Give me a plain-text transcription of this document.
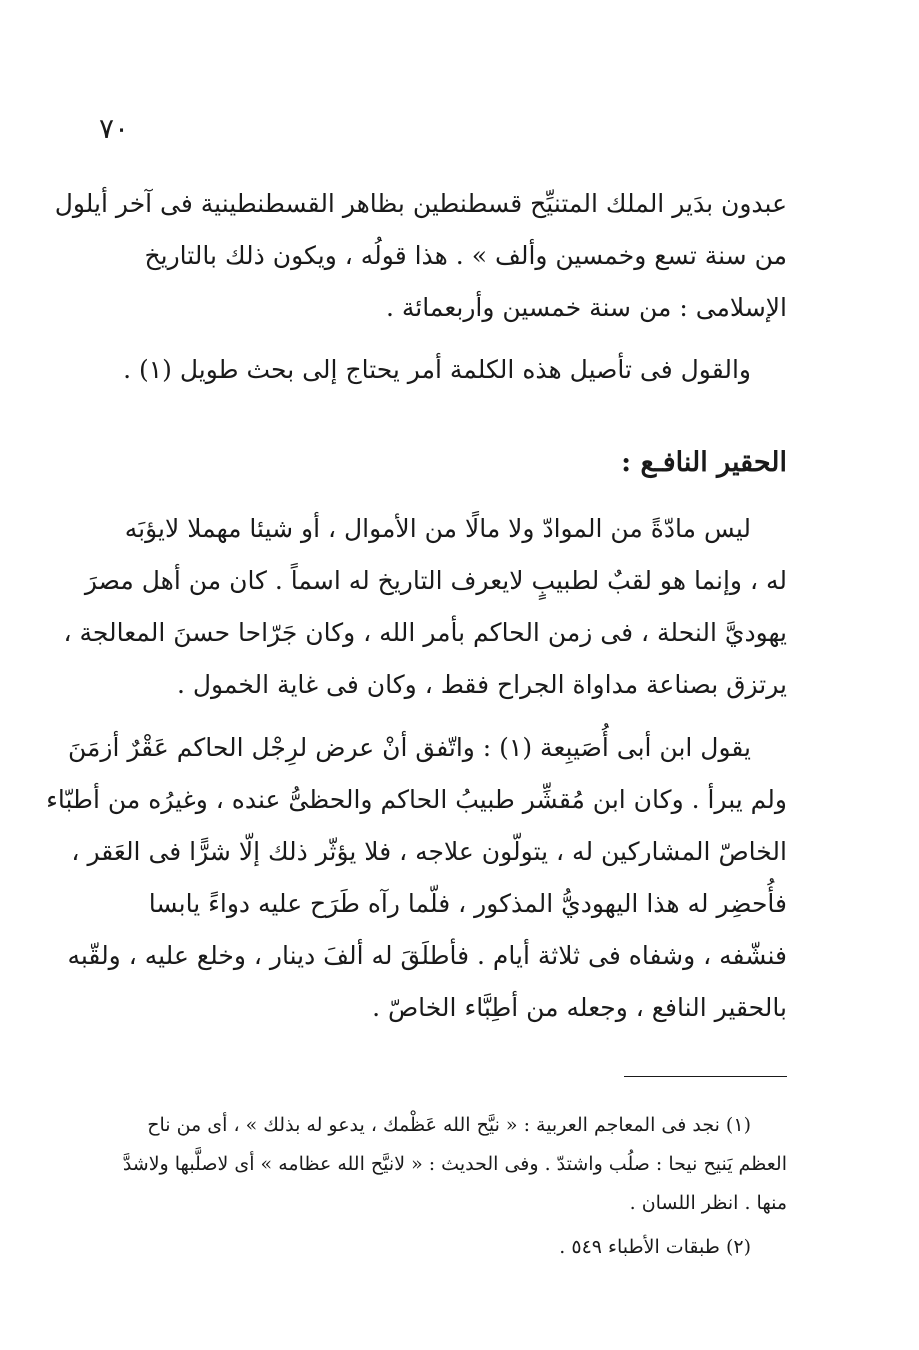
٧٠
عبدون بدَير الملك المتنيِّح قسطنطين بظاهر القسطنطينية فى آخر أيلول
من سنة تسع وخمسين وألف » . هذا قولُه ، ويكون ذلك بالتاريخ
الإسلامى : من سنة خمسين وأربعمائة .
والقول فى تأصيل هذه الكلمة أمر يحتاج إلى بحث طويل (١) .
الحقير النافـع :
ليس مادّةً من الموادّ ولا مالًا من الأموال ، أو شيئا مهملا لايؤبَه
له ، وإنما هو لقبٌ لطبيبٍ لايعرف التاريخ له اسماً . كان من أهل مصرَ
يهوديَّ النحلة ، فى زمن الحاكم بأمر الله ، وكان جَرّاحا حسنَ المعالجة ،
يرتزق بصناعة مداواة الجراح فقط ، وكان فى غاية الخمول .
يقول ابن أبى أُصَيبِعة (١) : واتّفق أنْ عرض لرِجْل الحاكم عَقْرٌ أزمَنَ
ولم يبرأ . وكان ابن مُقشِّر طبيبُ الحاكم والحظىُّ عنده ، وغيرُه من أطبّاء
الخاصّ المشاركين له ، يتولّون علاجه ، فلا يؤثّر ذلك إلّا شرًّا فى العَقر ،
فأُحضِر له هذا اليهوديُّ المذكور ، فلّما رآه طَرَح عليه دواءً يابسا
فنشّفه ، وشفاه فى ثلاثة أيام . فأطلَقَ له ألفَ دينار ، وخلع عليه ، ولقّبه
بالحقير النافع ، وجعله من أطِبَّاء الخاصّ .
(١) نجد فى المعاجم العربية : « نيَّح الله عَظْمك ، يدعو له بذلك » ، أى من ناح
العظم يَنيح نيحا : صلُب واشتدّ . وفى الحديث : « لانيَّح الله عظامه » أى لاصلَّبها ولاشدَّ
منها . انظر اللسان .
(٢) طبقات الأطباء ٥٤٩ .
